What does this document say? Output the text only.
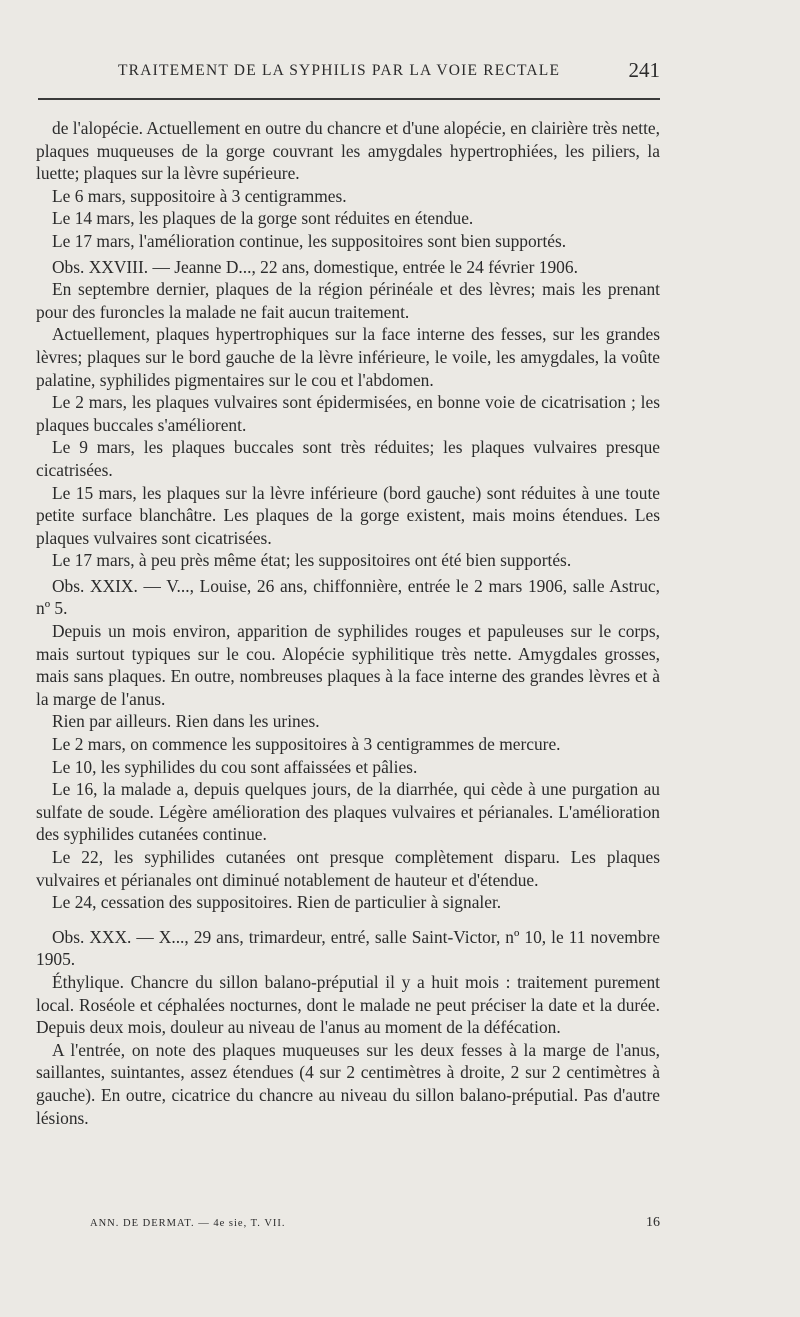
TRAITEMENT DE LA SYPHILIS PAR LA VOIE RECTALE	241

de l'alopécie. Actuellement en outre du chancre et d'une alopécie, en clairière très nette, plaques muqueuses de la gorge couvrant les amygdales hypertrophiées, les piliers, la luette; plaques sur la lèvre supérieure.

Le 6 mars, suppositoire à 3 centigrammes.

Le 14 mars, les plaques de la gorge sont réduites en étendue.

Le 17 mars, l'amélioration continue, les suppositoires sont bien supportés.

Obs. XXVIII. — Jeanne D..., 22 ans, domestique, entrée le 24 février 1906.

En septembre dernier, plaques de la région périnéale et des lèvres; mais les prenant pour des furoncles la malade ne fait aucun traitement.

Actuellement, plaques hypertrophiques sur la face interne des fesses, sur les grandes lèvres; plaques sur le bord gauche de la lèvre inférieure, le voile, les amygdales, la voûte palatine, syphilides pigmentaires sur le cou et l'abdomen.

Le 2 mars, les plaques vulvaires sont épidermisées, en bonne voie de cicatrisation ; les plaques buccales s'améliorent.

Le 9 mars, les plaques buccales sont très réduites; les plaques vulvaires presque cicatrisées.

Le 15 mars, les plaques sur la lèvre inférieure (bord gauche) sont réduites à une toute petite surface blanchâtre. Les plaques de la gorge existent, mais moins étendues. Les plaques vulvaires sont cicatrisées.

Le 17 mars, à peu près même état; les suppositoires ont été bien supportés.

Obs. XXIX. — V..., Louise, 26 ans, chiffonnière, entrée le 2 mars 1906, salle Astruc, nº 5.

Depuis un mois environ, apparition de syphilides rouges et papuleuses sur le corps, mais surtout typiques sur le cou. Alopécie syphilitique très nette. Amygdales grosses, mais sans plaques. En outre, nombreuses plaques à la face interne des grandes lèvres et à la marge de l'anus.

Rien par ailleurs. Rien dans les urines.

Le 2 mars, on commence les suppositoires à 3 centigrammes de mercure.

Le 10, les syphilides du cou sont affaissées et pâlies.

Le 16, la malade a, depuis quelques jours, de la diarrhée, qui cède à une purgation au sulfate de soude. Légère amélioration des plaques vulvaires et périanales. L'amélioration des syphilides cutanées continue.

Le 22, les syphilides cutanées ont presque complètement disparu. Les plaques vulvaires et périanales ont diminué notablement de hauteur et d'étendue.

Le 24, cessation des suppositoires. Rien de particulier à signaler.

Obs. XXX. — X..., 29 ans, trimardeur, entré, salle Saint-Victor, nº 10, le 11 novembre 1905.

Éthylique. Chancre du sillon balano-préputial il y a huit mois : traitement purement local. Roséole et céphalées nocturnes, dont le malade ne peut préciser la date et la durée. Depuis deux mois, douleur au niveau de l'anus au moment de la défécation.

A l'entrée, on note des plaques muqueuses sur les deux fesses à la marge de l'anus, saillantes, suintantes, assez étendues (4 sur 2 centimètres à droite, 2 sur 2 centimètres à gauche). En outre, cicatrice du chancre au niveau du sillon balano-préputial. Pas d'autre lésions.

ANN. DE DERMAT. — 4e sie, T. VII.	16
